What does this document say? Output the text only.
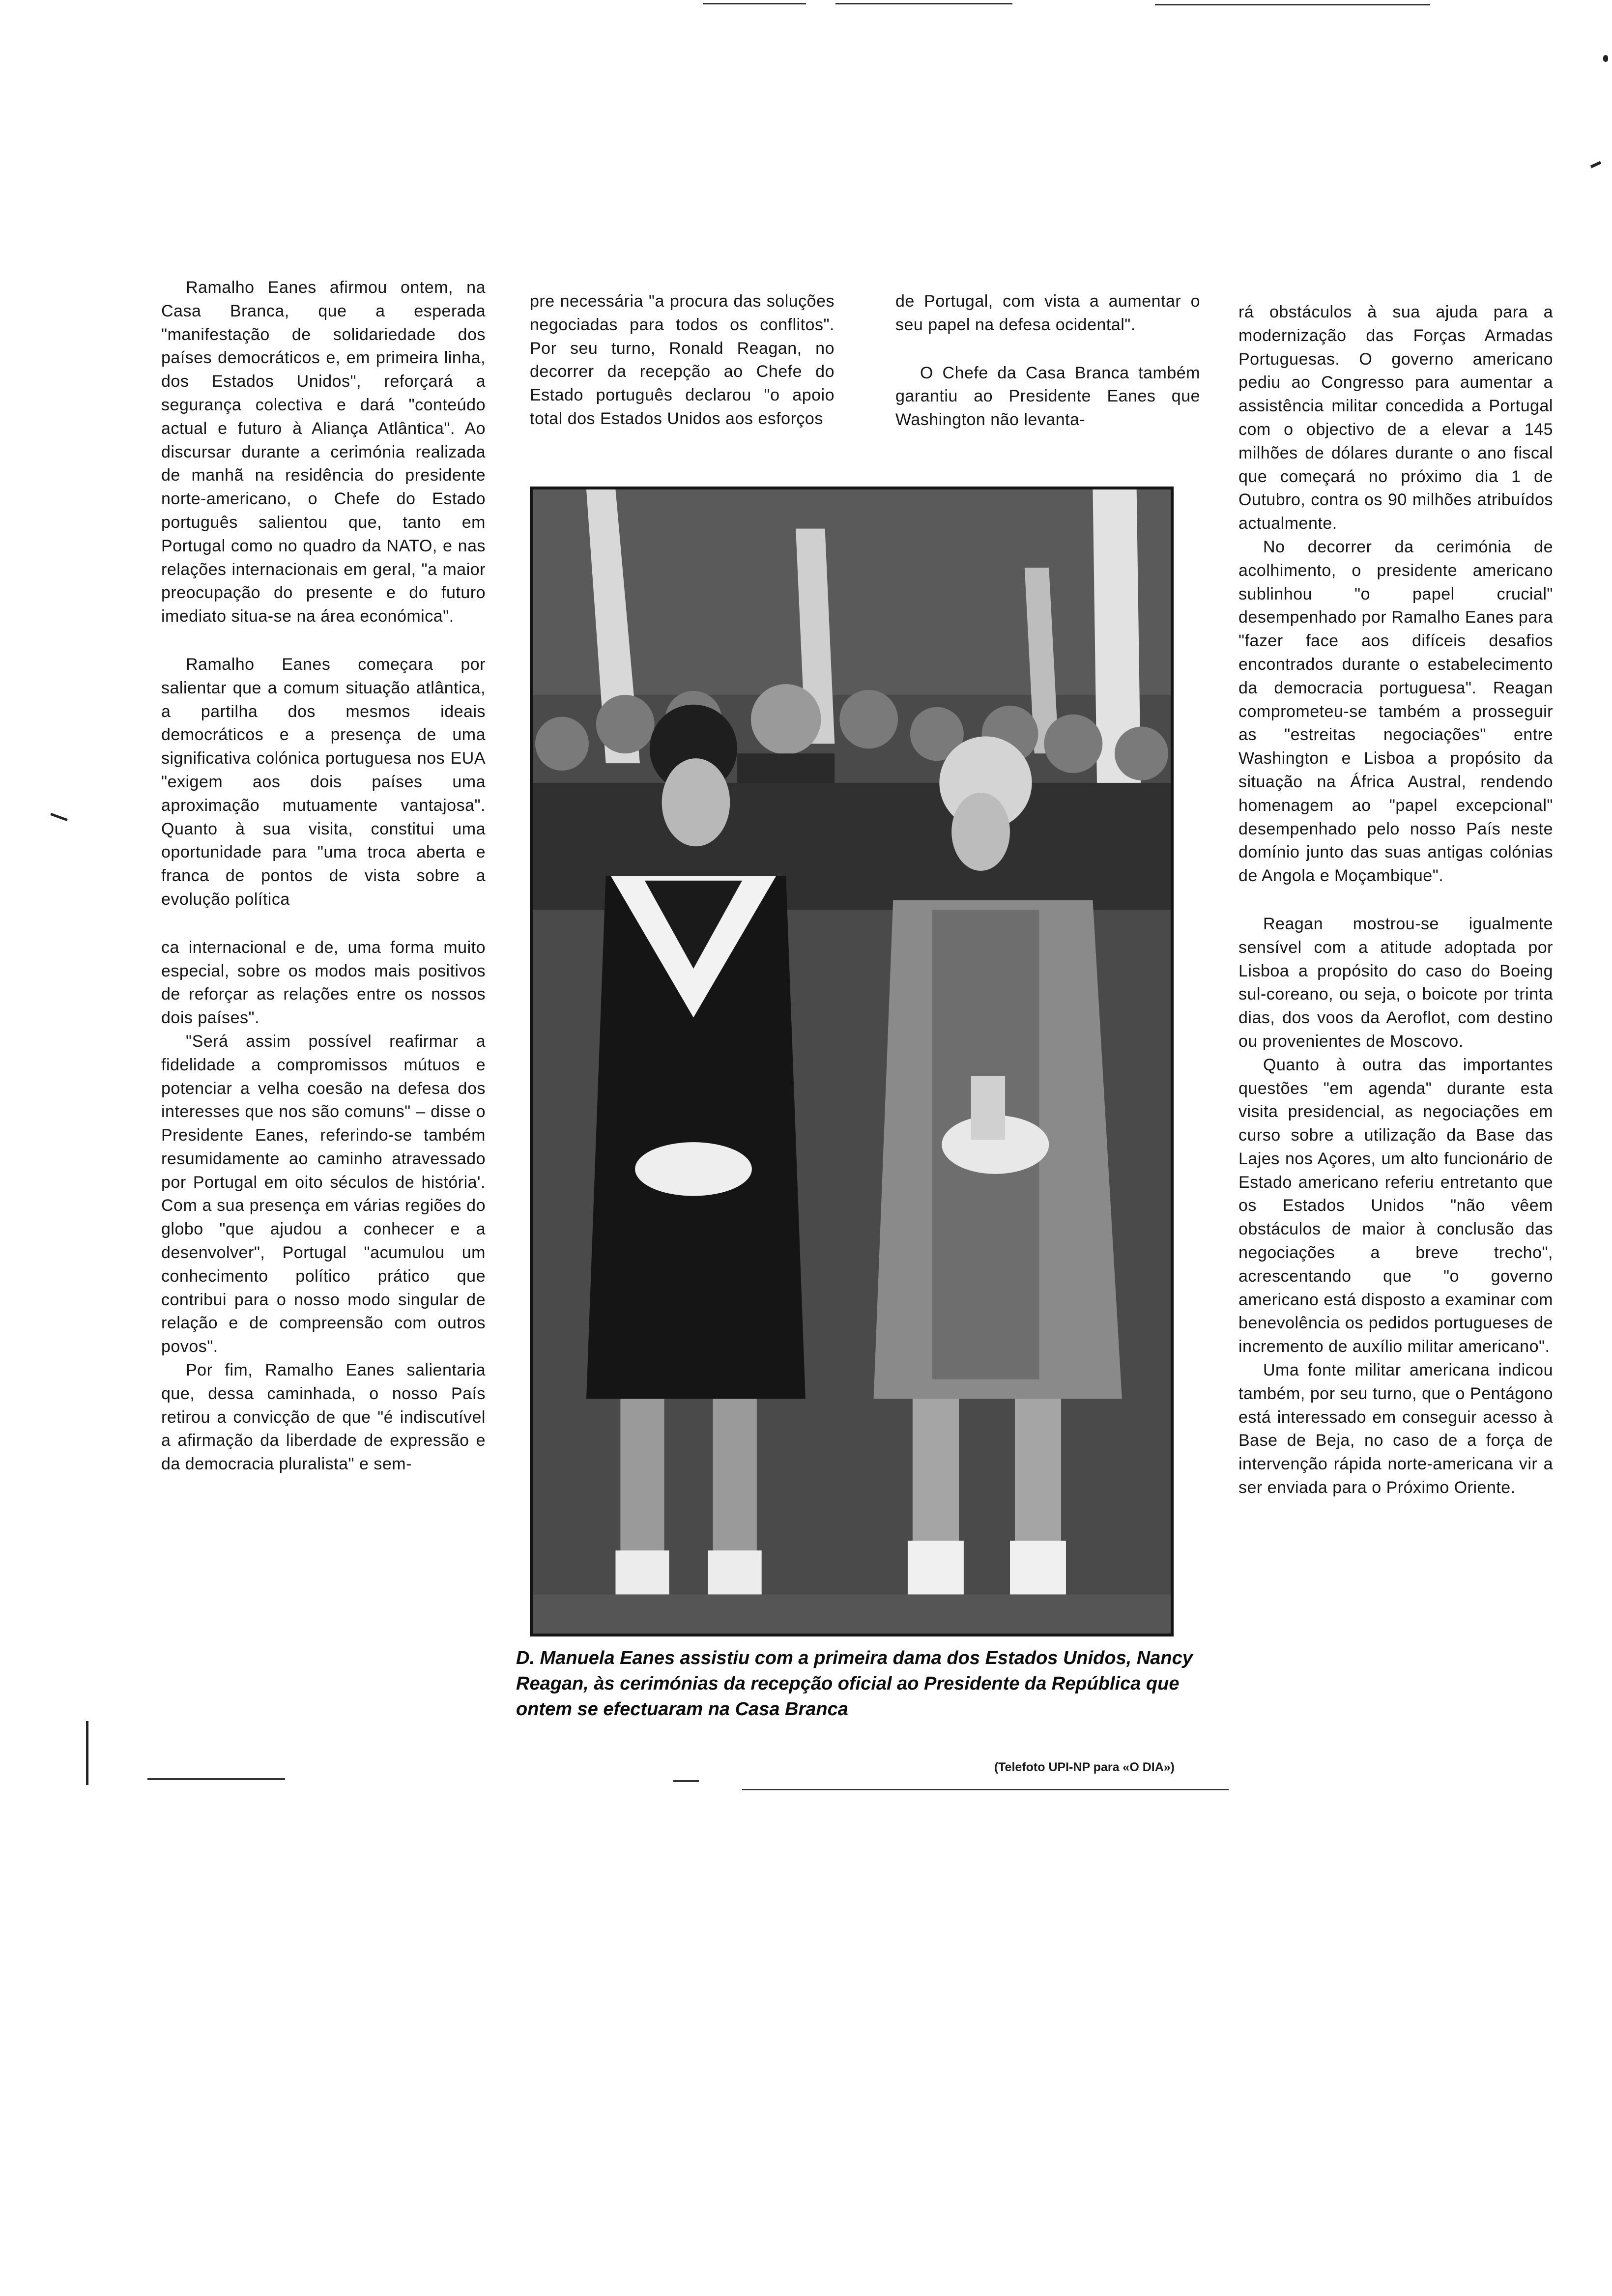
Ramalho Eanes afirmou ontem, na Casa Branca, que a esperada "manifestação de solidariedade dos países democráticos e, em primeira linha, dos Estados Unidos", reforçará a segurança colectiva e dará "conteúdo actual e futuro à Aliança Atlântica". Ao discursar durante a cerimónia realizada de manhã na residência do presidente norte-americano, o Chefe do Estado português salientou que, tanto em Portugal como no quadro da NATO, e nas relações internacionais em geral, "a maior preocupação do presente e do futuro imediato situa-se na área económica".

Ramalho Eanes começara por salientar que a comum situação atlântica, a partilha dos mesmos ideais democráticos e a presença de uma significativa colónica portuguesa nos EUA "exigem aos dois países uma aproximação mutuamente vantajosa". Quanto à sua visita, constitui uma oportunidade para "uma troca aberta e franca de pontos de vista sobre a evolução política

ca internacional e de, uma forma muito especial, sobre os modos mais positivos de reforçar as relações entre os nossos dois países".

"Será assim possível reafirmar a fidelidade a compromissos mútuos e potenciar a velha coesão na defesa dos interesses que nos são comuns" – disse o Presidente Eanes, referindo-se também resumidamente ao caminho atravessado por Portugal em oito séculos de história'. Com a sua presença em várias regiões do globo "que ajudou a conhecer e a desenvolver", Portugal "acumulou um conhecimento político prático que contribui para o nosso modo singular de relação e de compreensão com outros povos".

Por fim, Ramalho Eanes salientaria que, dessa caminhada, o nosso País retirou a convicção de que "é indiscutível a afirmação da liberdade de expressão e da democracia pluralista" e sem-

pre necessária "a procura das soluções negociadas para todos os conflitos". Por seu turno, Ronald Reagan, no decorrer da recepção ao Chefe do Estado português declarou "o apoio total dos Estados Unidos aos esforços

de Portugal, com vista a aumentar o seu papel na defesa ocidental".

O Chefe da Casa Branca também garantiu ao Presidente Eanes que Washington não levanta-

D. Manuela Eanes assistiu com a primeira dama dos Estados Unidos, Nancy Reagan, às cerimónias da recepção oficial ao Presidente da República que ontem se efectuaram na Casa Branca
(Telefoto UPI-NP para «O DIA»)

rá obstáculos à sua ajuda para a modernização das Forças Armadas Portuguesas. O governo americano pediu ao Congresso para aumentar a assistência militar concedida a Portugal com o objectivo de a elevar a 145 milhões de dólares durante o ano fiscal que começará no próximo dia 1 de Outubro, contra os 90 milhões atribuídos actualmente.

No decorrer da cerimónia de acolhimento, o presidente americano sublinhou "o papel crucial" desempenhado por Ramalho Eanes para "fazer face aos difíceis desafios encontrados durante o estabelecimento da democracia portuguesa". Reagan comprometeu-se também a prosseguir as "estreitas negociações" entre Washington e Lisboa a propósito da situação na África Austral, rendendo homenagem ao "papel excepcional" desempenhado pelo nosso País neste domínio junto das suas antigas colónias de Angola e Moçambique".

Reagan mostrou-se igualmente sensível com a atitude adoptada por Lisboa a propósito do caso do Boeing sul-coreano, ou seja, o boicote por trinta dias, dos voos da Aeroflot, com destino ou provenientes de Moscovo.

Quanto à outra das importantes questões "em agenda" durante esta visita presidencial, as negociações em curso sobre a utilização da Base das Lajes nos Açores, um alto funcionário de Estado americano referiu entretanto que os Estados Unidos "não vêem obstáculos de maior à conclusão das negociações a breve trecho", acrescentando que "o governo americano está disposto a examinar com benevolência os pedidos portugueses de incremento de auxílio militar americano".

Uma fonte militar americana indicou também, por seu turno, que o Pentágono está interessado em conseguir acesso à Base de Beja, no caso de a força de intervenção rápida norte-americana vir a ser enviada para o Próximo Oriente.
